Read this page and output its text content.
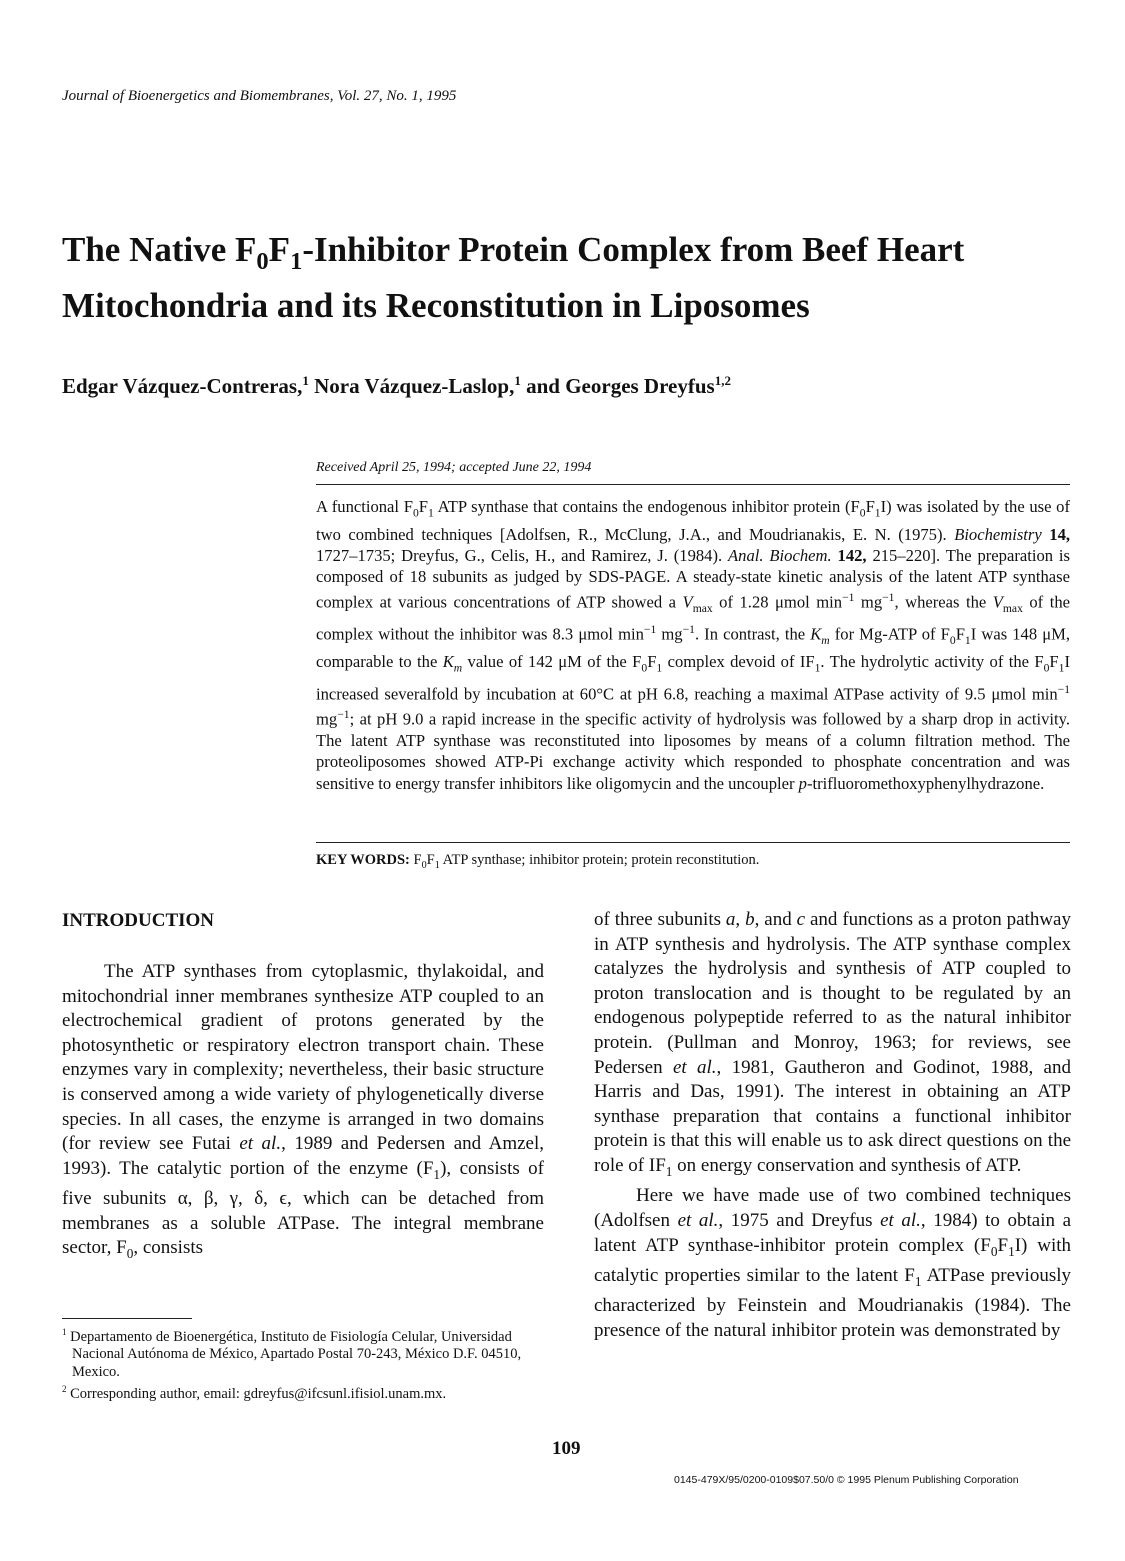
Journal of Bioenergetics and Biomembranes, Vol. 27, No. 1, 1995
The Native $F_0F_1$-Inhibitor Protein Complex from Beef Heart
Mitochondria and its Reconstitution in Liposomes
Edgar Vázquez-Contreras,$^1$ Nora Vázquez-Laslop,$^1$ and Georges Dreyfus$^{1,2}$
Received April 25, 1994; accepted June 22, 1994
A functional $F_0F_1$ ATP synthase that contains the endogenous inhibitor protein $(F_0F_1I)$ was isolated by the use of two combined techniques [Adolfsen, R., McClung, J.A., and Moudrianakis, E. N. (1975). Biochemistry 14, 1727–1735; Dreyfus, G., Celis, H., and Ramirez, J. (1984). Anal. Biochem. 142, 215–220]. The preparation is composed of 18 subunits as judged by SDS-PAGE. A steady-state kinetic analysis of the latent ATP synthase complex at various concentrations of ATP showed a $V_{max}$ of 1.28 μmol $\min^{-1} mg^{-1}$, whereas the $V_{max}$ of the complex without the inhibitor was 8.3 μmol $\min^{-1} mg^{-1}$. In contrast, the $K_m$ for Mg-ATP of $F_0F_1I$ was 148 μM, comparable to the $K_m$ value of 142 μM of the $F_0F_1$ complex devoid of $IF_1$. The hydrolytic activity of the $F_0F_1I$ increased severalfold by incubation at 60°C at pH 6.8, reaching a maximal ATPase activity of 9.5 μmol $\min^{-1} mg^{-1}$; at pH 9.0 a rapid increase in the specific activity of hydrolysis was followed by a sharp drop in activity. The latent ATP synthase was reconstituted into liposomes by means of a column filtration method. The proteoliposomes showed ATP-Pi exchange activity which responded to phosphate concentration and was sensitive to energy transfer inhibitors like oligomycin and the uncoupler p-trifluoromethoxyphenylhydrazone.
KEY WORDS: $F_0F_1$ ATP synthase; inhibitor protein; protein reconstitution.
INTRODUCTION

The ATP synthases from cytoplasmic, thylakoidal, and mitochondrial inner membranes synthesize ATP coupled to an electrochemical gradient of protons generated by the photosynthetic or respiratory electron transport chain. These enzymes vary in complexity; nevertheless, their basic structure is conserved among a wide variety of phylogenetically diverse species. In all cases, the enzyme is arranged in two domains (for review see Futai et al., 1989 and Pedersen and Amzel, 1993). The catalytic portion of the enzyme $(F_1)$, consists of five subunits α, β, γ, δ, ϵ, which can be detached from membranes as a soluble ATPase. The integral membrane sector, $F_0$, consists

of three subunits a, b, and c and functions as a proton pathway in ATP synthesis and hydrolysis. The ATP synthase complex catalyzes the hydrolysis and synthesis of ATP coupled to proton translocation and is thought to be regulated by an endogenous polypeptide referred to as the natural inhibitor protein. (Pullman and Monroy, 1963; for reviews, see Pedersen et al., 1981, Gautheron and Godinot, 1988, and Harris and Das, 1991). The interest in obtaining an ATP synthase preparation that contains a functional inhibitor protein is that this will enable us to ask direct questions on the role of $IF_1$ on energy conservation and synthesis of ATP.

Here we have made use of two combined techniques (Adolfsen et al., 1975 and Dreyfus et al., 1984) to obtain a latent ATP synthase-inhibitor protein complex $(F_0F_1I)$ with catalytic properties similar to the latent $F_1$ ATPase previously characterized by Feinstein and Moudrianakis (1984). The presence of the natural inhibitor protein was demonstrated by

$^1$ Departamento de Bioenergética, Instituto de Fisiología Celular, Universidad Nacional Autónoma de México, Apartado Postal 70-243, México D.F. 04510, Mexico.

$^2$ Corresponding author, email: gdreyfus@ifcsunl.ifisiol.unam.mx.

109
0145-479X/95/0200-0109$07.50/0 © 1995 Plenum Publishing Corporation
